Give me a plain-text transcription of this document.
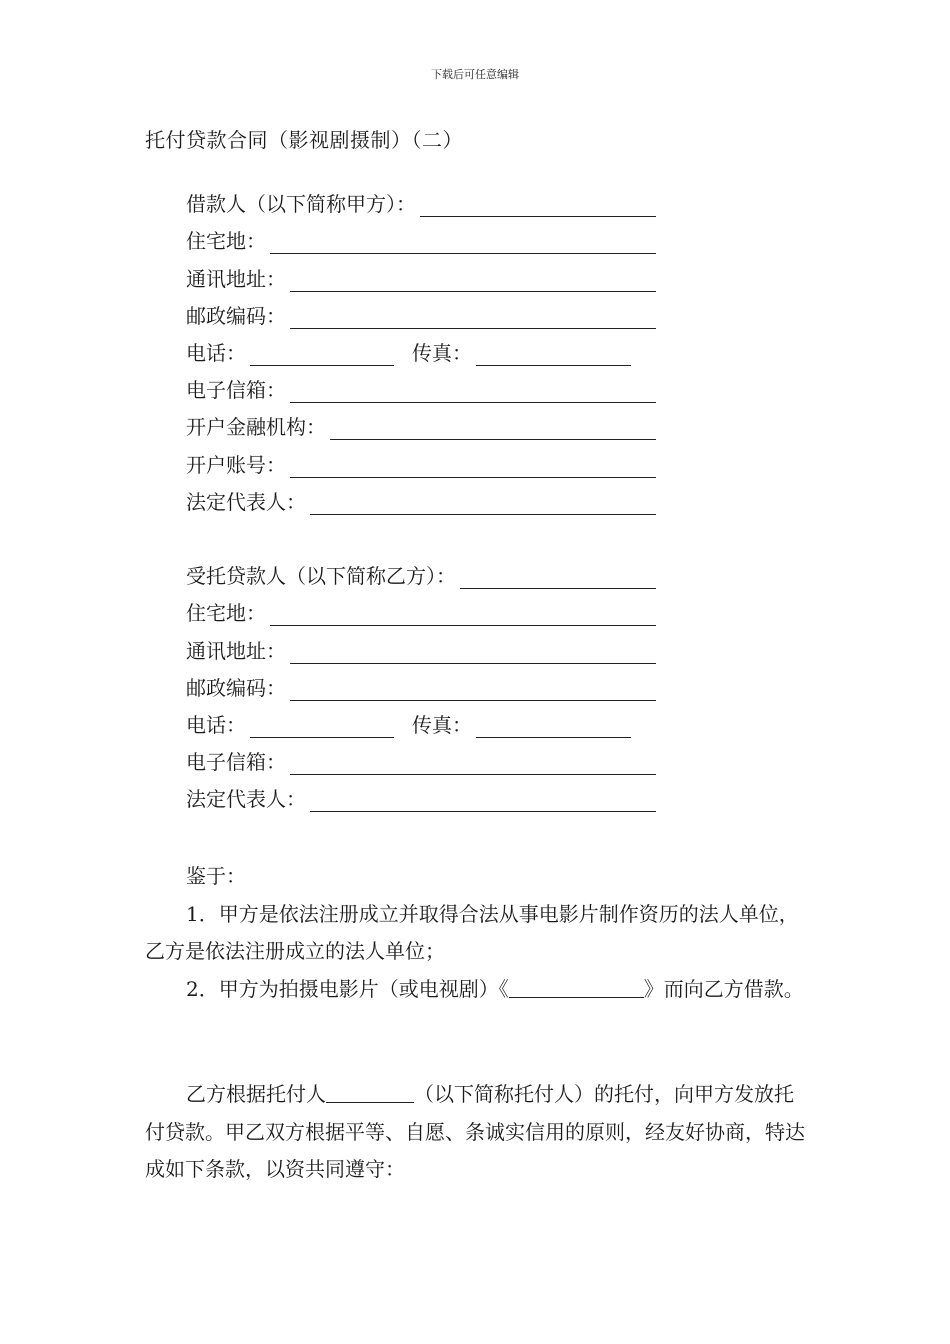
下载后可任意编辑
托付贷款合同（影视剧摄制）（二）
借款人（以下简称甲方）：
住宅地：
通讯地址：
邮政编码：
电话：	传真：
电子信箱：
开户金融机构：
开户账号：
法定代表人：
受托贷款人（以下简称乙方）：
住宅地：
通讯地址：
邮政编码：
电话：	传真：
电子信箱：
法定代表人：
鉴于：
1．甲方是依法注册成立并取得合法从事电影片制作资历的法人单位，乙方是依法注册成立的法人单位；
2．甲方为拍摄电影片（或电视剧）《	》而向乙方借款。
乙方根据托付人	（以下简称托付人）的托付，向甲方发放托付贷款。甲乙双方根据平等、自愿、条诚实信用的原则，经友好协商，特达成如下条款，以资共同遵守：
